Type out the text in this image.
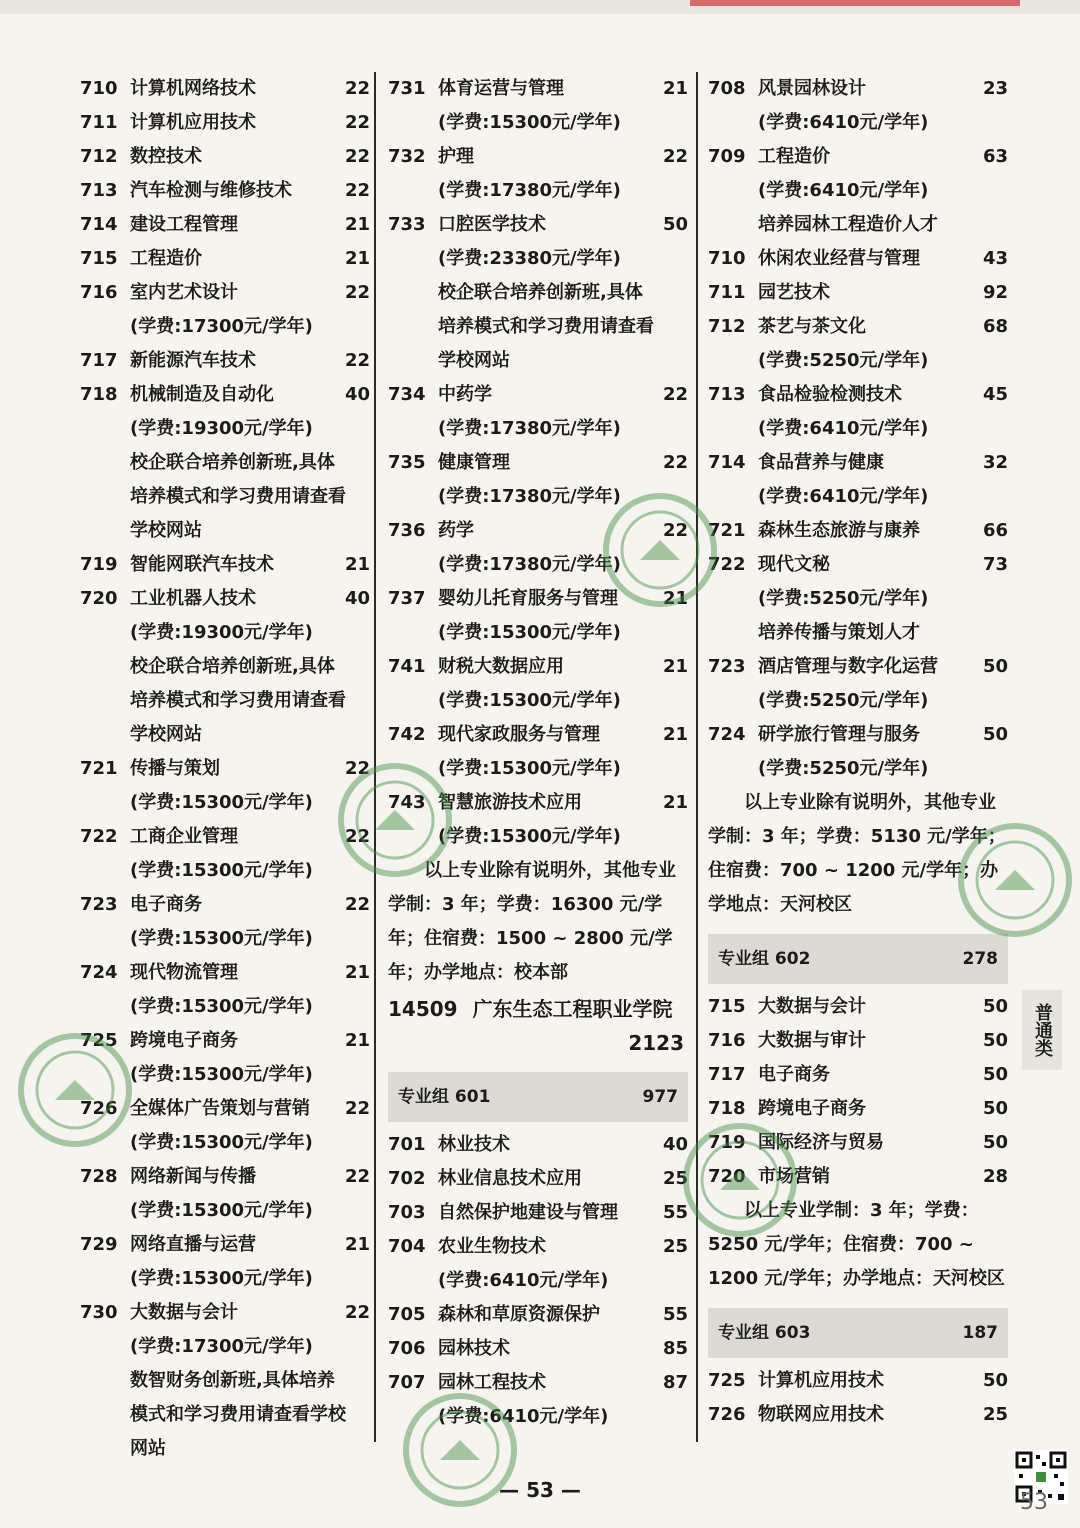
710 计算机网络技术	22
711 计算机应用技术	22
712 数控技术	22
713 汽车检测与维修技术	22
714 建设工程管理	21
715 工程造价	21
716 室内艺术设计	22
(学费:17300元/学年)
717 新能源汽车技术	22
718 机械制造及自动化	40
(学费:19300元/学年)
校企联合培养创新班,具体
培养模式和学习费用请查看
学校网站
719 智能网联汽车技术	21
720 工业机器人技术	40
(学费:19300元/学年)
校企联合培养创新班,具体
培养模式和学习费用请查看
学校网站
721 传播与策划	22
(学费:15300元/学年)
722 工商企业管理	22
(学费:15300元/学年)
723 电子商务	22
(学费:15300元/学年)
724 现代物流管理	21
(学费:15300元/学年)
725 跨境电子商务	21
(学费:15300元/学年)
726 全媒体广告策划与营销	22
(学费:15300元/学年)
728 网络新闻与传播	22
(学费:15300元/学年)
729 网络直播与运营	21
(学费:15300元/学年)
730 大数据与会计	22
(学费:17300元/学年)
数智财务创新班,具体培养
模式和学习费用请查看学校
网站
731 体育运营与管理	21
(学费:15300元/学年)
732 护理	22
(学费:17380元/学年)
733 口腔医学技术	50
(学费:23380元/学年)
校企联合培养创新班,具体
培养模式和学习费用请查看
学校网站
734 中药学	22
(学费:17380元/学年)
735 健康管理	22
(学费:17380元/学年)
736 药学	22
(学费:17380元/学年)
737 婴幼儿托育服务与管理	21
(学费:15300元/学年)
741 财税大数据应用	21
(学费:15300元/学年)
742 现代家政服务与管理	21
(学费:15300元/学年)
743 智慧旅游技术应用	21
(学费:15300元/学年)
以上专业除有说明外，其他专业学制：3 年；学费：16300 元/学年；住宿费：1500 ~ 2800 元/学年；办学地点：校本部
14509 广东生态工程职业学院
2123
专业组 601	977
701 林业技术	40
702 林业信息技术应用	25
703 自然保护地建设与管理	55
704 农业生物技术	25
(学费:6410元/学年)
705 森林和草原资源保护	55
706 园林技术	85
707 园林工程技术	87
(学费:6410元/学年)
708 风景园林设计	23
(学费:6410元/学年)
709 工程造价	63
(学费:6410元/学年)
培养园林工程造价人才
710 休闲农业经营与管理	43
711 园艺技术	92
712 茶艺与茶文化	68
(学费:5250元/学年)
713 食品检验检测技术	45
(学费:6410元/学年)
714 食品营养与健康	32
(学费:6410元/学年)
721 森林生态旅游与康养	66
722 现代文秘	73
(学费:5250元/学年)
培养传播与策划人才
723 酒店管理与数字化运营	50
(学费:5250元/学年)
724 研学旅行管理与服务	50
(学费:5250元/学年)
以上专业除有说明外，其他专业学制：3 年；学费：5130 元/学年；住宿费：700 ~ 1200 元/学年；办学地点：天河校区
专业组 602	278
715 大数据与会计	50
716 大数据与审计	50
717 电子商务	50
718 跨境电子商务	50
719 国际经济与贸易	50
720 市场营销	28
以上专业学制：3 年；学费：5250 元/学年；住宿费：700 ~ 1200 元/学年；办学地点：天河校区
专业组 603	187
725 计算机应用技术	50
726 物联网应用技术	25
普通类
— 53 —	53
